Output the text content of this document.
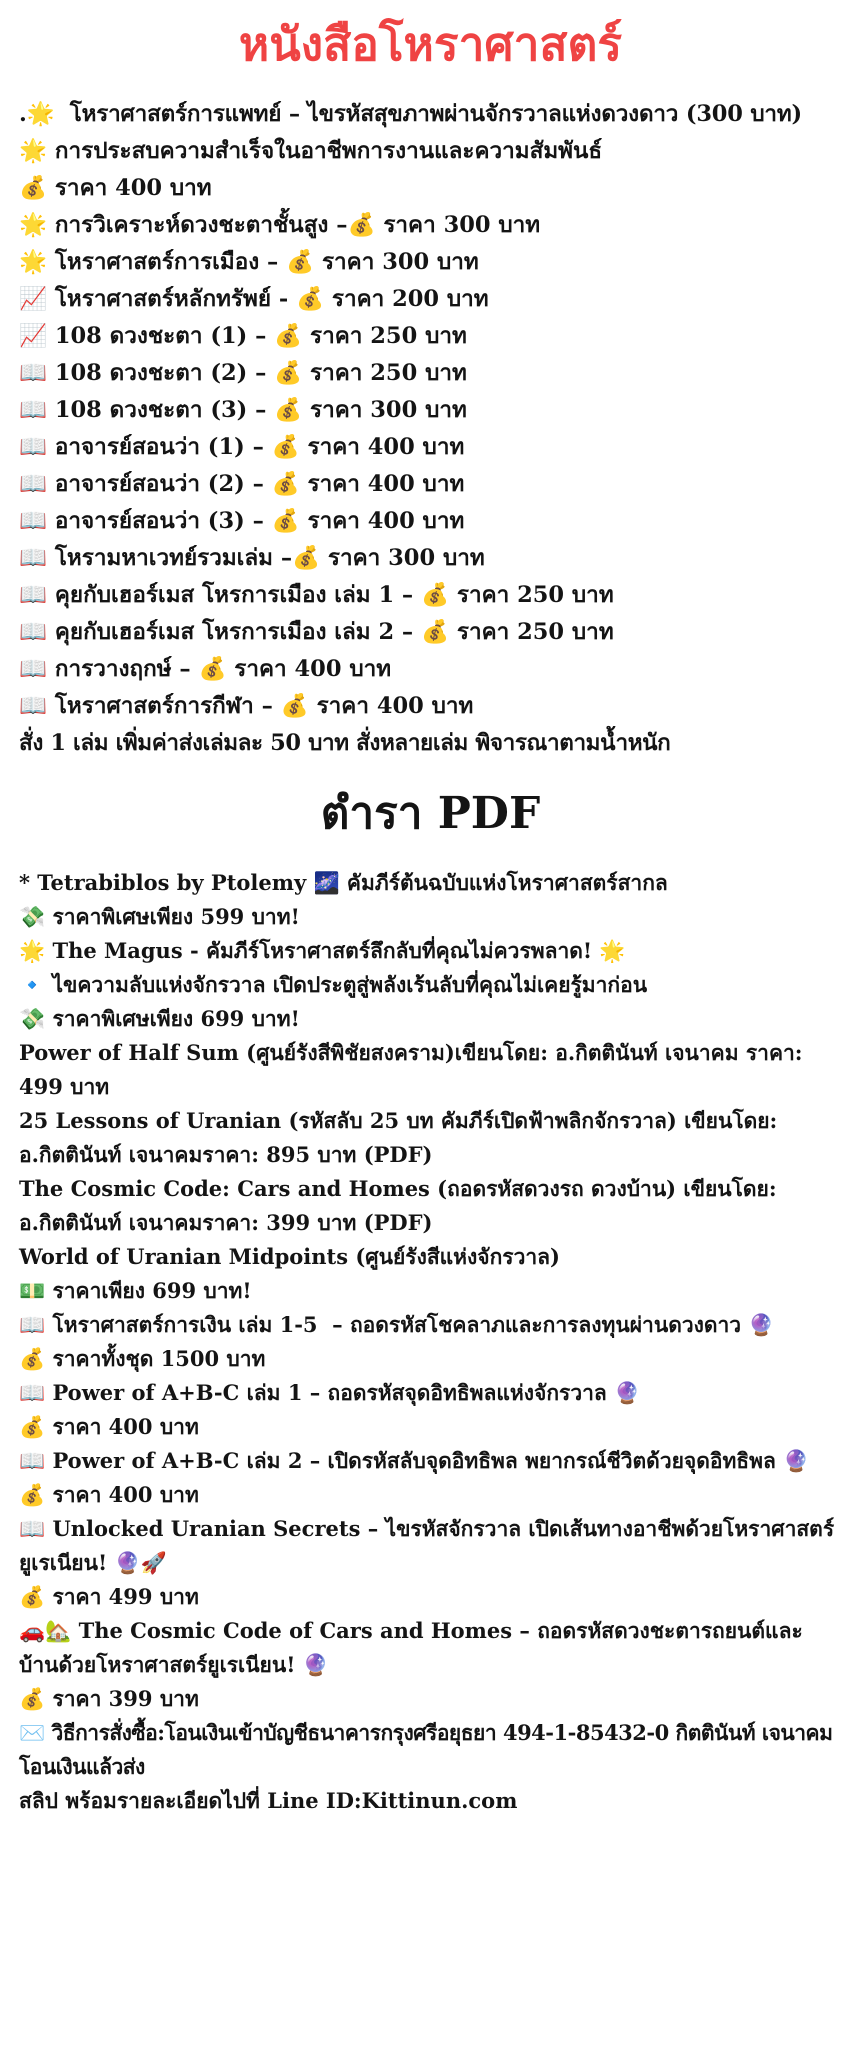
หนังสือโหราศาสตร์
.🌟  โหราศาสตร์การแพทย์ – ไขรหัสสุขภาพผ่านจักรวาลแห่งดวงดาว (300 บาท)
🌟 การประสบความสำเร็จในอาชีพการงานและความสัมพันธ์
💰 ราคา 400 บาท
🌟 การวิเคราะห์ดวงชะตาชั้นสูง –💰 ราคา 300 บาท
🌟 โหราศาสตร์การเมือง – 💰 ราคา 300 บาท
📈 โหราศาสตร์หลักทรัพย์ - 💰 ราคา 200 บาท
📈 108 ดวงชะตา (1) – 💰 ราคา 250 บาท
📖 108 ดวงชะตา (2) – 💰 ราคา 250 บาท
📖 108 ดวงชะตา (3) – 💰 ราคา 300 บาท
📖 อาจารย์สอนว่า (1) – 💰 ราคา 400 บาท
📖 อาจารย์สอนว่า (2) – 💰 ราคา 400 บาท
📖 อาจารย์สอนว่า (3) – 💰 ราคา 400 บาท
📖 โหรามหาเวทย์รวมเล่ม –💰 ราคา 300 บาท
📖 คุยกับเฮอร์เมส โหรการเมือง เล่ม 1 – 💰 ราคา 250 บาท
📖 คุยกับเฮอร์เมส โหรการเมือง เล่ม 2 – 💰 ราคา 250 บาท
📖 การวางฤกษ์ – 💰 ราคา 400 บาท
📖 โหราศาสตร์การกีฬา – 💰 ราคา 400 บาท
สั่ง 1 เล่ม เพิ่มค่าส่งเล่มละ 50 บาท สั่งหลายเล่ม พิจารณาตามน้ำหนัก
ตำรา PDF
* Tetrabiblos by Ptolemy 🌌 คัมภีร์ต้นฉบับแห่งโหราศาสตร์สากล
💸 ราคาพิเศษเพียง 599 บาท!
🌟 The Magus - คัมภีร์โหราศาสตร์ลึกลับที่คุณไม่ควรพลาด! 🌟
🔹 ไขความลับแห่งจักรวาล เปิดประตูสู่พลังเร้นลับที่คุณไม่เคยรู้มาก่อน
💸 ราคาพิเศษเพียง 699 บาท!
Power of Half Sum (ศูนย์รังสีพิชัยสงคราม)เขียนโดย: อ.กิตตินันท์ เจนาคม ราคา: 499 บาท
25 Lessons of Uranian (รหัสลับ 25 บท คัมภีร์เปิดฟ้าพลิกจักรวาล) เขียนโดย: อ.กิตตินันท์ เจนาคมราคา: 895 บาท (PDF)
The Cosmic Code: Cars and Homes (ถอดรหัสดวงรถ ดวงบ้าน) เขียนโดย: อ.กิตตินันท์ เจนาคมราคา: 399 บาท (PDF)
World of Uranian Midpoints (ศูนย์รังสีแห่งจักรวาล)
💵 ราคาเพียง 699 บาท!
📖 โหราศาสตร์การเงิน เล่ม 1-5  – ถอดรหัสโชคลาภและการลงทุนผ่านดวงดาว 🔮
💰 ราคาทั้งชุด 1500 บาท
📖 Power of A+B-C เล่ม 1 – ถอดรหัสจุดอิทธิพลแห่งจักรวาล 🔮
💰 ราคา 400 บาท
📖 Power of A+B-C เล่ม 2 – เปิดรหัสลับจุดอิทธิพล พยากรณ์ชีวิตด้วยจุดอิทธิพล 🔮
💰 ราคา 400 บาท
📖 Unlocked Uranian Secrets – ไขรหัสจักรวาล เปิดเส้นทางอาชีพด้วยโหราศาสตร์ยูเรเนียน! 🔮🚀
💰 ราคา 499 บาท
🚗🏡 The Cosmic Code of Cars and Homes – ถอดรหัสดวงชะตารถยนต์และบ้านด้วยโหราศาสตร์ยูเรเนียน! 🔮
💰 ราคา 399 บาท
✉️ วิธีการสั่งซื้อ:โอนเงินเข้าบัญชีธนาคารกรุงศรีอยุธยา 494-1-85432-0 กิตตินันท์ เจนาคม โอนเงินแล้วส่ง
สลิป พร้อมรายละเอียดไปที่ Line ID:Kittinun.com
